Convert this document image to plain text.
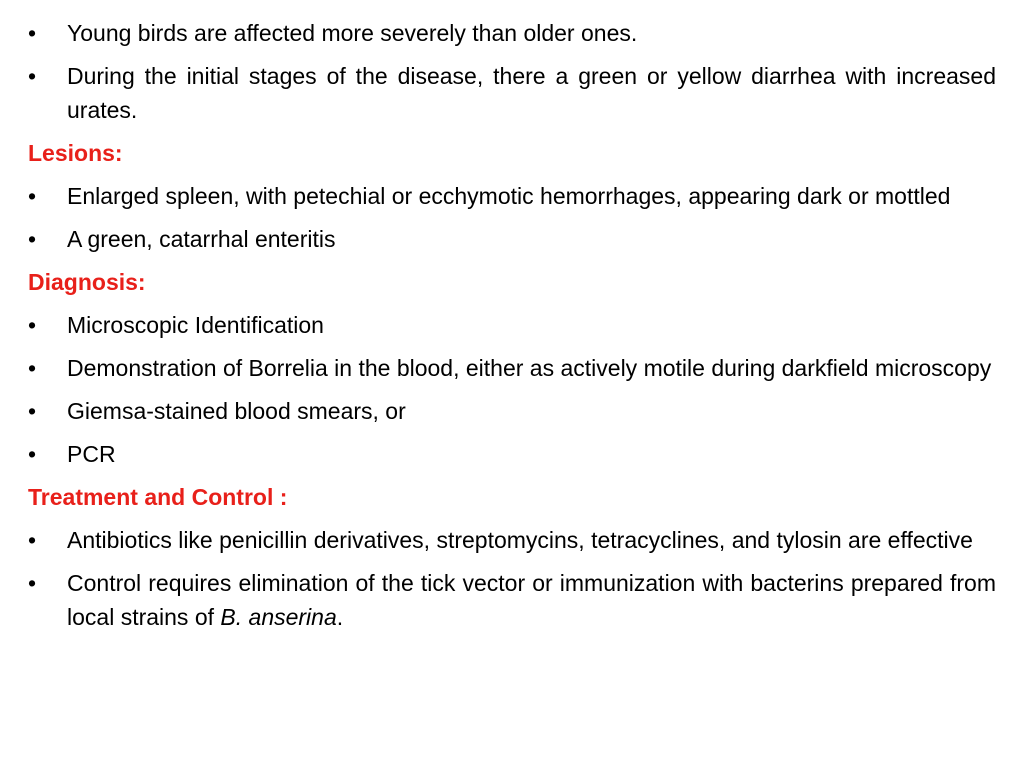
• Young birds are affected more severely than older ones.
• During the initial stages of the disease, there a green or yellow diarrhea with increased urates.
Lesions:
• Enlarged spleen, with petechial or ecchymotic hemorrhages, appearing dark or mottled
• A green, catarrhal enteritis
Diagnosis:
• Microscopic Identification
• Demonstration of Borrelia in the blood, either as actively motile during darkfield microscopy
• Giemsa-stained blood smears, or
• PCR
Treatment and Control :
• Antibiotics like penicillin derivatives, streptomycins, tetracyclines, and tylosin are effective
• Control requires elimination of the tick vector or immunization with bacterins prepared from local strains of B. anserina.
